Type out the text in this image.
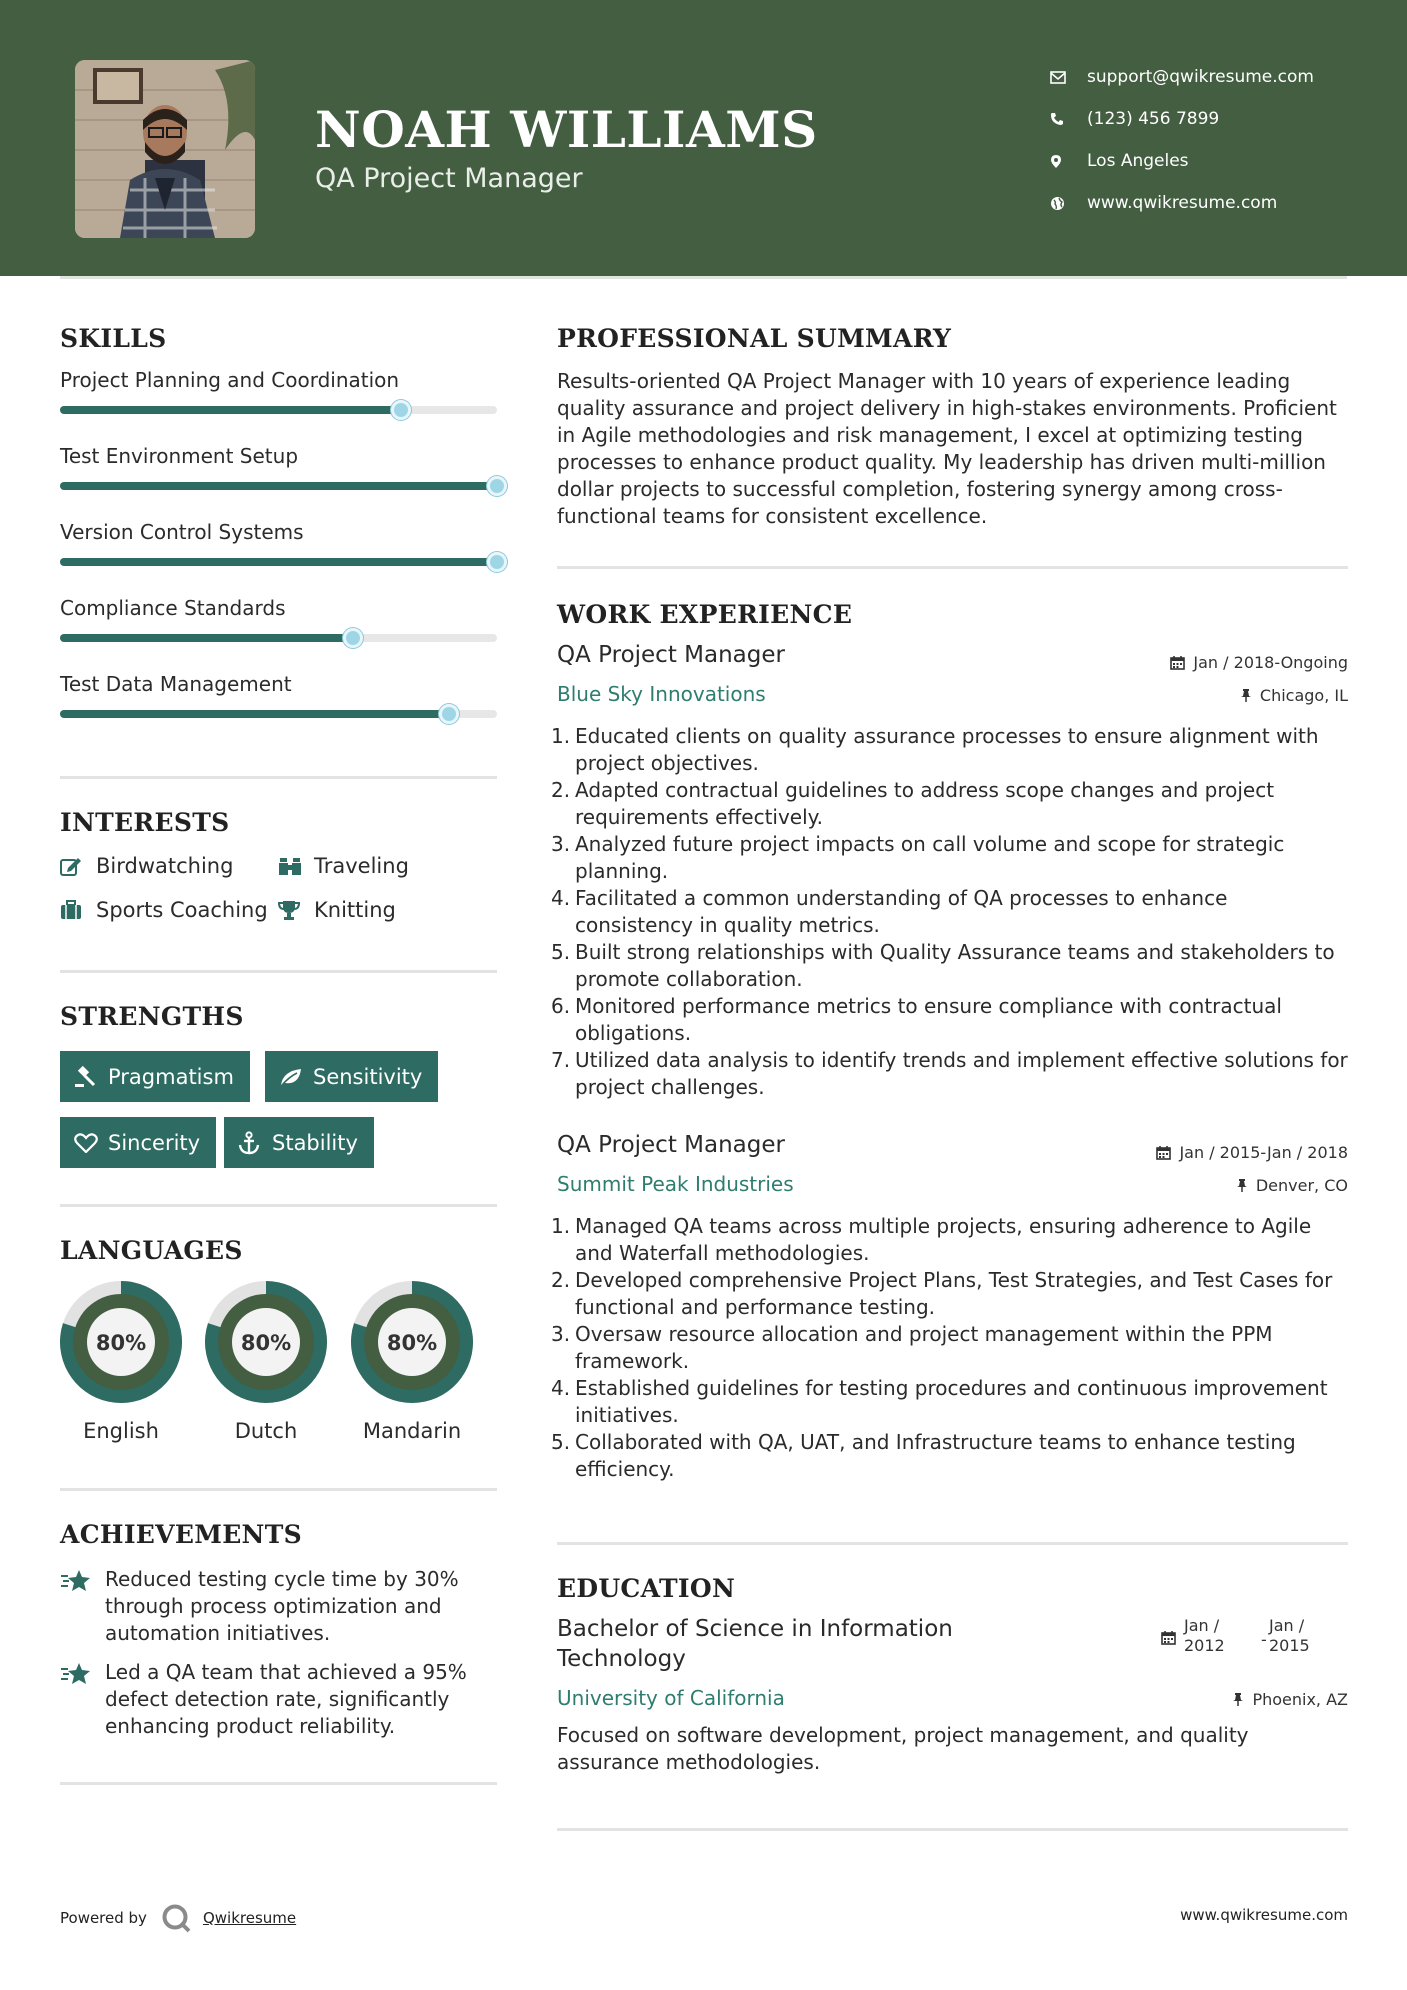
NOAH WILLIAMS
QA Project Manager
support@qwikresume.com
(123) 456 7899
Los Angeles
www.qwikresume.com
SKILLS
Project Planning and Coordination
Test Environment Setup
Version Control Systems
Compliance Standards
Test Data Management
INTERESTS
Birdwatching	Traveling
Sports Coaching Knitting
STRENGTHS
Pragmatism	Sensitivity
Sincerity	Stability
LANGUAGES
80%
English
80%
Dutch
80%
Mandarin
ACHIEVEMENTS
Reduced testing cycle time by 30% through process optimization and automation initiatives.
Led a QA team that achieved a 95% defect detection rate, significantly enhancing product reliability.
PROFESSIONAL SUMMARY
Results-oriented QA Project Manager with 10 years of experience leading quality assurance and project delivery in high-stakes environments. Proficient in Agile methodologies and risk management, I excel at optimizing testing processes to enhance product quality. My leadership has driven multi-million dollar projects to successful completion, fostering synergy among cross-functional teams for consistent excellence.
WORK EXPERIENCE
QA Project Manager
Blue Sky Innovations
Jan / 2018-Ongoing
Chicago, IL
1. Educated clients on quality assurance processes to ensure alignment with project objectives.
2. Adapted contractual guidelines to address scope changes and project requirements effectively.
3. Analyzed future project impacts on call volume and scope for strategic planning.
4. Facilitated a common understanding of QA processes to enhance consistency in quality metrics.
5. Built strong relationships with Quality Assurance teams and stakeholders to promote collaboration.
6. Monitored performance metrics to ensure compliance with contractual obligations.
7. Utilized data analysis to identify trends and implement effective solutions for project challenges.
QA Project Manager
Summit Peak Industries
Jan / 2015-Jan / 2018
Denver, CO
1. Managed QA teams across multiple projects, ensuring adherence to Agile and Waterfall methodologies.
2. Developed comprehensive Project Plans, Test Strategies, and Test Cases for functional and performance testing.
3. Oversaw resource allocation and project management within the PPM framework.
4. Established guidelines for testing procedures and continuous improvement initiatives.
5. Collaborated with QA, UAT, and Infrastructure teams to enhance testing efficiency.
EDUCATION
Bachelor of Science in Information
Technology
University of California
Jan /
2012 -
Jan /
2015
Phoenix, AZ
Focused on software development, project management, and quality assurance methodologies.
Powered by	Qwikresume	www.qwikresume.com
